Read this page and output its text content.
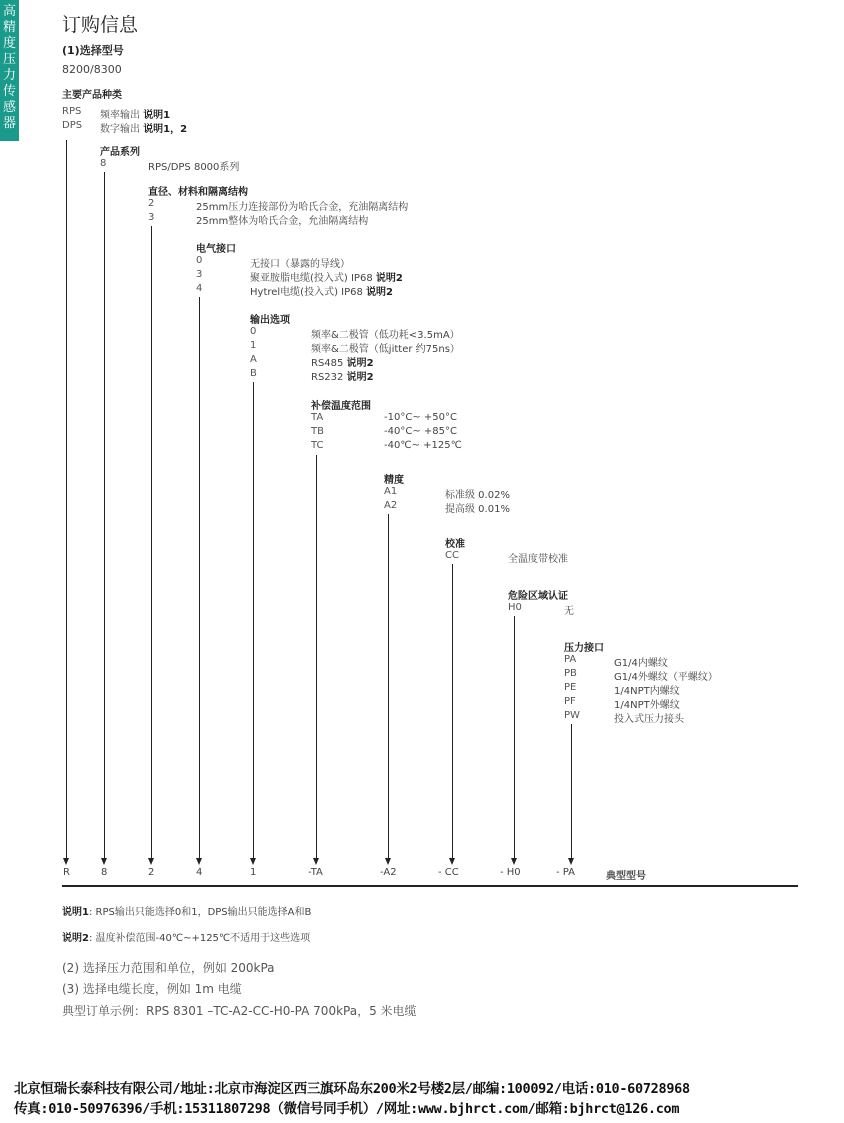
高
精
度
压
力
传
感
器
订购信息
(1)选择型号
8200/8300
主要产品种类
RPS 频率输出 说明1
DPS 数字输出 说明1，2
产品系列
8	RPS/DPS 8000系列
直径、材料和隔离结构
2	25mm压力连接部份为哈氏合金，充油隔离结构
3	25mm整体为哈氏合金，允油隔离结构
电气接口
0	无接口（暴露的导线）
3	聚亚胺脂电缆(投入式) IP68 说明2
4	Hytrel电缆(投入式) IP68 说明2
输出选项
0	频率&二极管（低功耗<3.5mA）
1	频率&二极管（低jitter 约75ns）
A	RS485 说明2
B	RS232 说明2
补偿温度范围
TA	-10°C~ +50°C
TB	-40°C~ +85°C
TC	-40℃~ +125℃
精度
A1	标准级 0.02%
A2	提高级 0.01%
校准
CC	全温度带校准
危险区域认证
H0	无
压力接口
PA	G1/4内螺纹
PB	G1/4外螺纹（平螺纹）
PE	1/4NPT内螺纹
PF	1/4NPT外螺纹
PW	投入式压力接头
R	8	2	4	1	-TA	-A2	- CC	- H0	- PA	典型型号
说明1: RPS输出只能选择0和1，DPS输出只能选择A和B
说明2: 温度补偿范围-40℃~+125℃不适用于这些选项
(2) 选择压力范围和单位，例如 200kPa
(3) 选择电缆长度，例如 1m 电缆
典型订单示例：RPS 8301 –TC-A2-CC-H0-PA 700kPa，5 米电缆
北京恒瑞长泰科技有限公司/地址:北京市海淀区西三旗环岛东200米2号楼2层/邮编:100092/电话:010-60728968
传真:010-50976396/手机:15311807298（微信号同手机）/网址:www.bjhrct.com/邮箱:bjhrct@126.com
